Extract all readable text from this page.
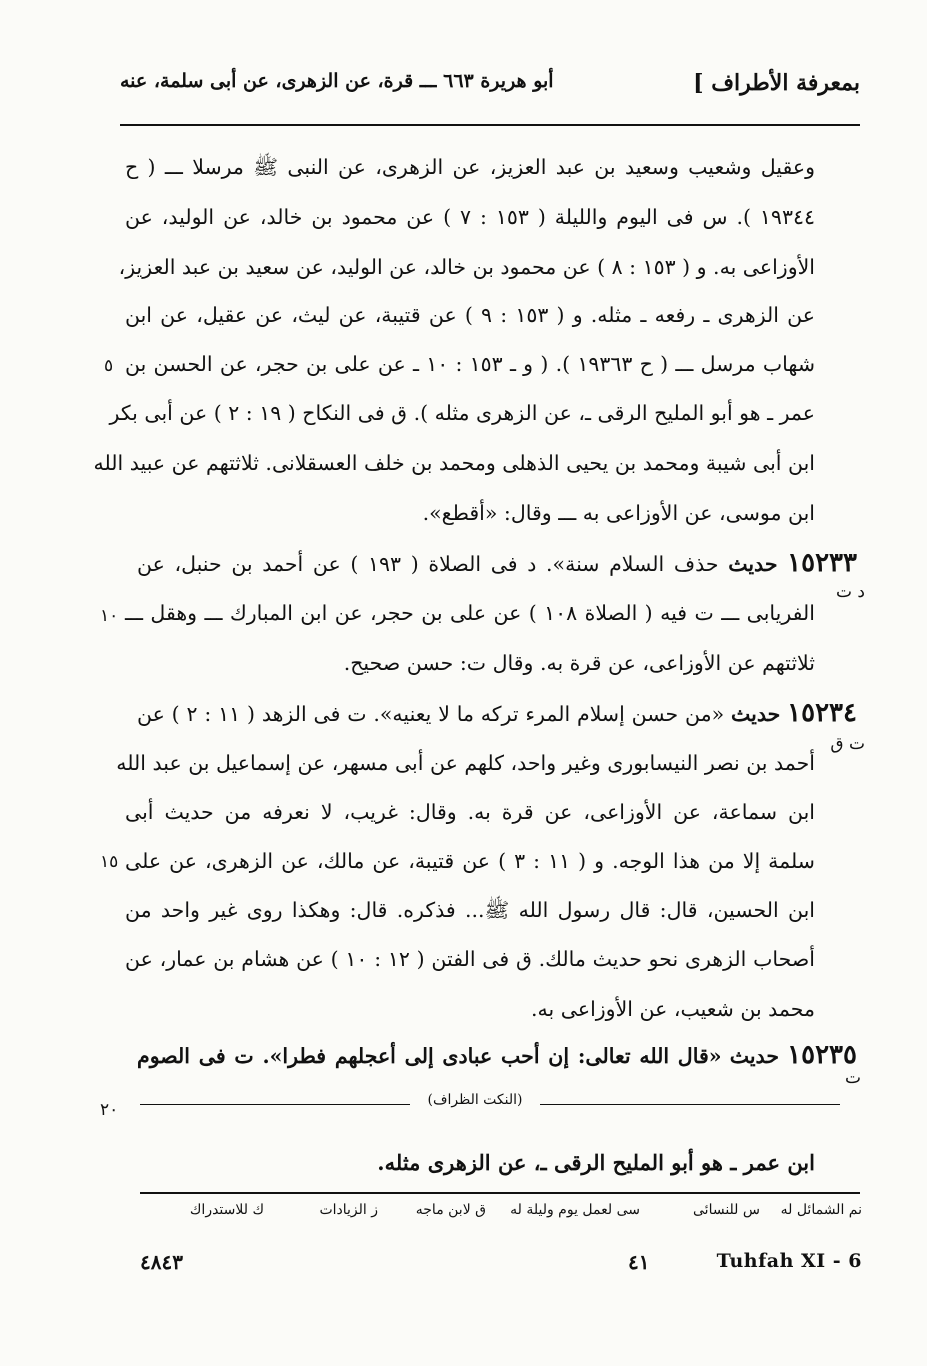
بمعرفة الأطراف ]
أبو هريرة ٦٦٣ ـــ قرة، عن الزهرى، عن أبى سلمة، عنه
وعقيل وشعيب وسعيد بن عبد العزيز، عن الزهرى، عن النبى ﷺ مرسلا ـــ ( ح
١٩٣٤٤ ). س فى اليوم والليلة ( ١٥٣ : ٧ ) عن محمود بن خالد، عن الوليد، عن
الأوزاعى به. و ( ١٥٣ : ٨ ) عن محمود بن خالد، عن الوليد، عن سعيد بن عبد العزيز،
عن الزهرى ـ رفعه ـ مثله. و ( ١٥٣ : ٩ ) عن قتيبة، عن ليث، عن عقيل، عن ابن
شهاب مرسل ـــ ( ح ١٩٣٦٣ ). ( و ـ ١٥٣ : ١٠ ـ عن على بن حجر، عن الحسن بن
عمر ـ هو أبو المليح الرقى ـ، عن الزهرى مثله ). ق فى النكاح ( ١٩ : ٢ ) عن أبى بكر
ابن أبى شيبة ومحمد بن يحيى الذهلى ومحمد بن خلف العسقلانى. ثلاثتهم عن عبيد الله
ابن موسى، عن الأوزاعى به ـــ وقال: «أقطع».
١٥٢٣٣ حديث حذف السلام سنة». د فى الصلاة ( ١٩٣ ) عن أحمد بن حنبل، عن
د ت
الفريابى ـــ ت فيه ( الصلاة ١٠٨ ) عن على بن حجر، عن ابن المبارك ـــ وهقل ـــ
ثلاثتهم عن الأوزاعى، عن قرة به. وقال ت: حسن صحيح.
١٥٢٣٤ حديث «من حسن إسلام المرء تركه ما لا يعنيه». ت فى الزهد ( ١١ : ٢ ) عن
ت ق
أحمد بن نصر النيسابورى وغير واحد، كلهم عن أبى مسهر، عن إسماعيل بن عبد الله
ابن سماعة، عن الأوزاعى، عن قرة به. وقال: غريب، لا نعرفه من حديث أبى
سلمة إلا من هذا الوجه. و ( ١١ : ٣ ) عن قتيبة، عن مالك، عن الزهرى، عن على
ابن الحسين، قال: قال رسول الله ﷺ... فذكره. قال: وهكذا روى غير واحد من
أصحاب الزهرى نحو حديث مالك. ق فى الفتن ( ١٢ : ١٠ ) عن هشام بن عمار، عن
محمد بن شعيب، عن الأوزاعى به.
١٥٢٣٥ حديث «قال الله تعالى: إن أحب عبادى إلى أعجلهم فطرا». ت فى الصوم
ت
٥
١٠
١٥
٢٠	(النكت الظراف)
ابن عمر ـ هو أبو المليح الرقى ـ، عن الزهرى مثله.
نم الشمائل له
س للنسائى
سى لعمل يوم وليلة له
ق لابن ماجه
ز الزيادات
ك للاستدراك
٤٨٤٣	٤١	Tuhfah XI - 6
